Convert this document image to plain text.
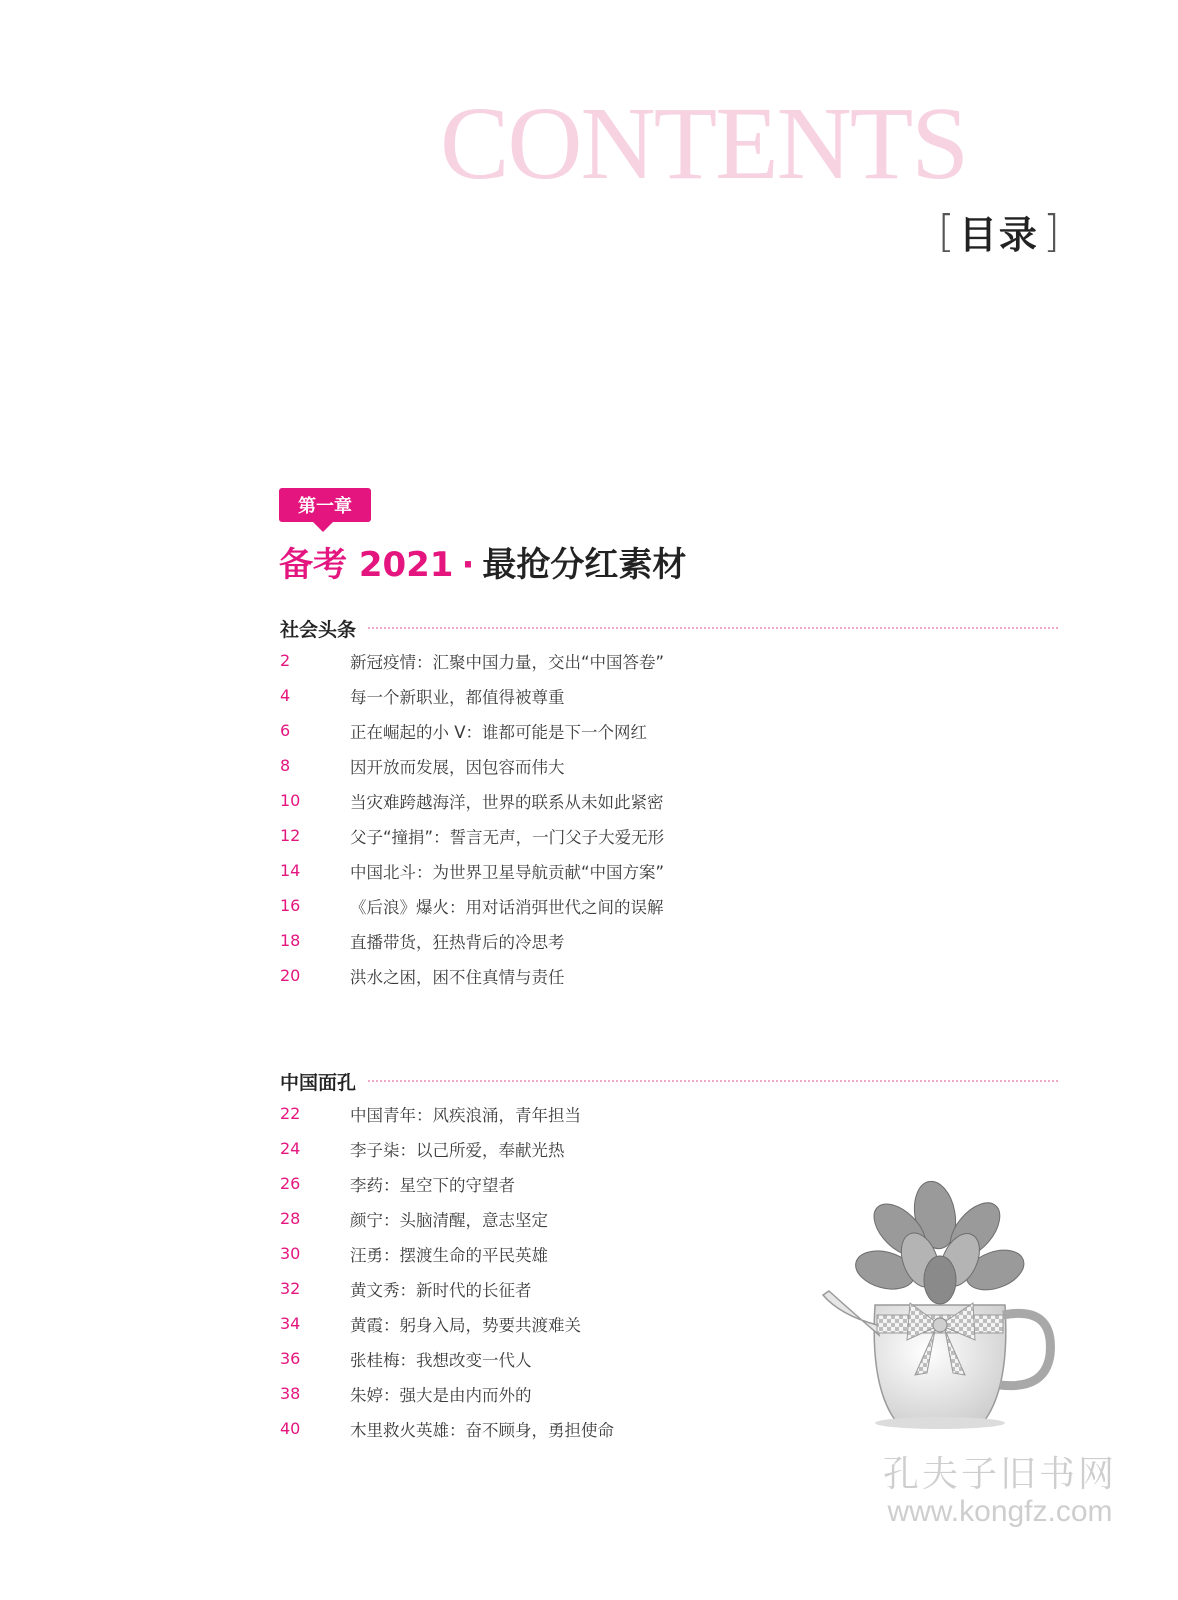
CONTENTS
[ 目录 ]
第一章
备考 2021 · 最抢分红素材
社会头条
2	新冠疫情：汇聚中国力量，交出“中国答卷”
4	每一个新职业，都值得被尊重
6	正在崛起的小 V：谁都可能是下一个网红
8	因开放而发展，因包容而伟大
10	当灾难跨越海洋，世界的联系从未如此紧密
12	父子“撞捐”：誓言无声，一门父子大爱无形
14	中国北斗：为世界卫星导航贡献“中国方案”
16	《后浪》爆火：用对话消弭世代之间的误解
18	直播带货，狂热背后的冷思考
20	洪水之困，困不住真情与责任
中国面孔
22	中国青年：风疾浪涌，青年担当
24	李子柒：以己所爱，奉献光热
26	李药：星空下的守望者
28	颜宁：头脑清醒，意志坚定
30	汪勇：摆渡生命的平民英雄
32	黄文秀：新时代的长征者
34	黄霞：躬身入局，势要共渡难关
36	张桂梅：我想改变一代人
38	朱婷：强大是由内而外的
40	木里救火英雄：奋不顾身，勇担使命
孔夫子旧书网
www.kongfz.com
